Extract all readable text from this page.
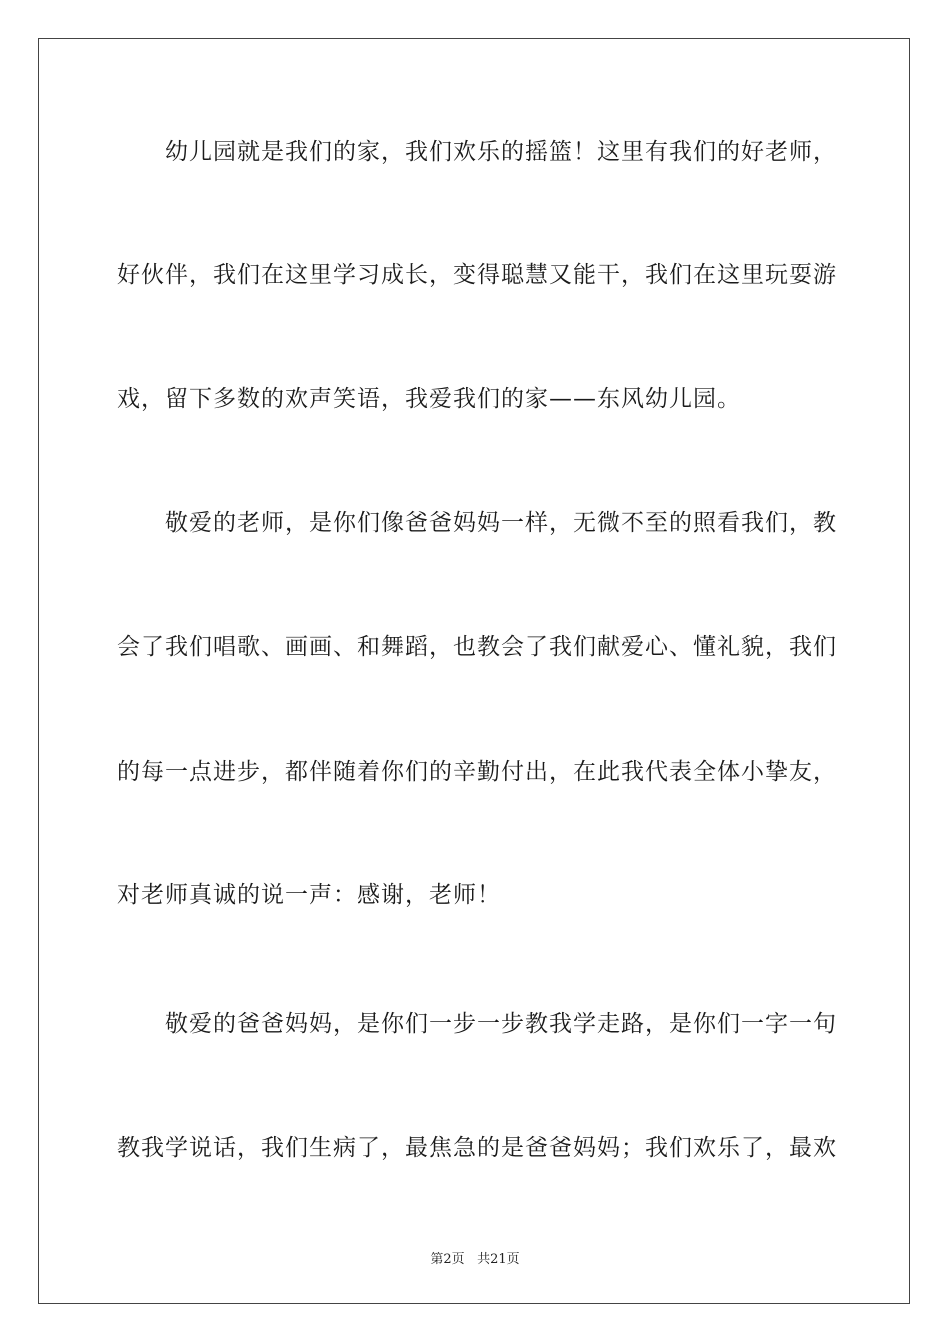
幼儿园就是我们的家，我们欢乐的摇篮！这里有我们的好老师，
好伙伴，我们在这里学习成长，变得聪慧又能干，我们在这里玩耍游
戏，留下多数的欢声笑语，我爱我们的家——东风幼儿园。
敬爱的老师，是你们像爸爸妈妈一样，无微不至的照看我们，教
会了我们唱歌、画画、和舞蹈，也教会了我们献爱心、懂礼貌，我们
的每一点进步，都伴随着你们的辛勤付出，在此我代表全体小挚友，
对老师真诚的说一声：感谢，老师！
敬爱的爸爸妈妈，是你们一步一步教我学走路，是你们一字一句
教我学说话，我们生病了，最焦急的是爸爸妈妈；我们欢乐了，最欢
第2页 共21页
